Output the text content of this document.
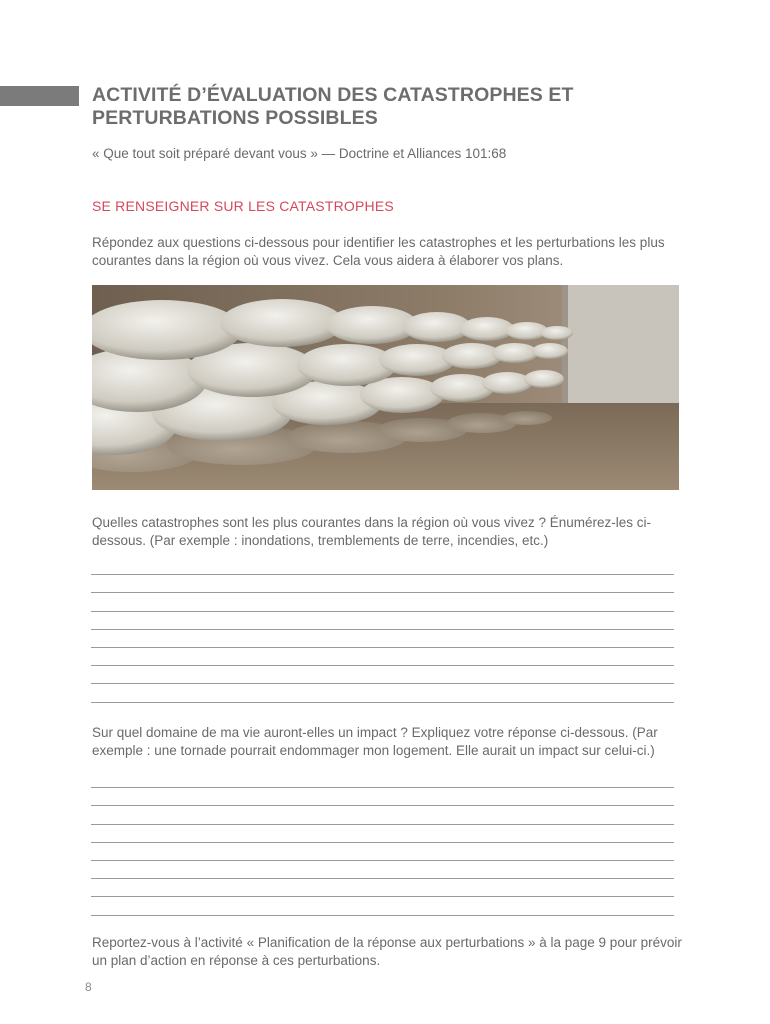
ACTIVITÉ D’ÉVALUATION DES CATASTROPHES ET
PERTURBATIONS POSSIBLES
« Que tout soit préparé devant vous » — Doctrine et Alliances 101:68
SE RENSEIGNER SUR LES CATASTROPHES
Répondez aux questions ci-dessous pour identifier les catastrophes et les perturbations les plus courantes dans la région où vous vivez. Cela vous aidera à élaborer vos plans.
Quelles catastrophes sont les plus courantes dans la région où vous vivez ? Énumérez-les ci-dessous. (Par exemple : inondations, tremblements de terre, incendies, etc.)
Sur quel domaine de ma vie auront-elles un impact ? Expliquez votre réponse ci-dessous. (Par exemple : une tornade pourrait endommager mon logement. Elle aurait un impact sur celui-ci.)
Reportez-vous à l’activité « Planification de la réponse aux perturbations » à la page 9 pour prévoir un plan d’action en réponse à ces perturbations.
8
